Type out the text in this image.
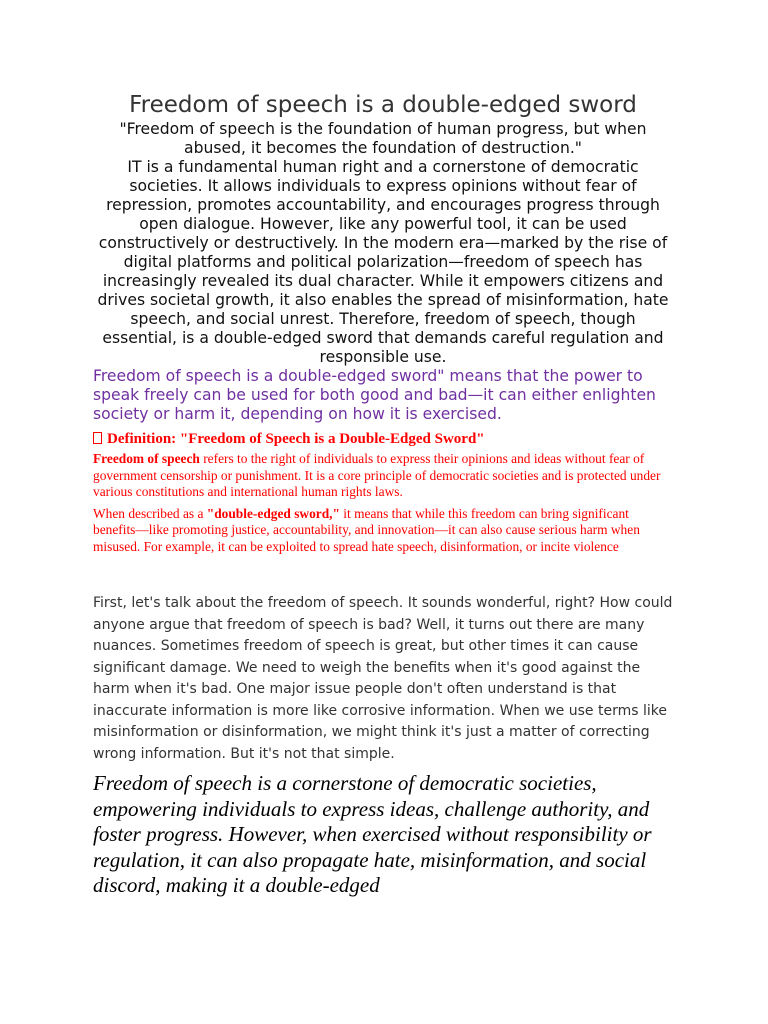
Freedom of speech is a double-edged sword

"Freedom of speech is the foundation of human progress, but when abused, it becomes the foundation of destruction."
IT is a fundamental human right and a cornerstone of democratic societies. It allows individuals to express opinions without fear of repression, promotes accountability, and encourages progress through open dialogue. However, like any powerful tool, it can be used constructively or destructively. In the modern era—marked by the rise of digital platforms and political polarization—freedom of speech has increasingly revealed its dual character. While it empowers citizens and drives societal growth, it also enables the spread of misinformation, hate speech, and social unrest. Therefore, freedom of speech, though essential, is a double-edged sword that demands careful regulation and responsible use.

Freedom of speech is a double-edged sword" means that the power to speak freely can be used for both good and bad—it can either enlighten society or harm it, depending on how it is exercised.

Definition: "Freedom of Speech is a Double-Edged Sword"

Freedom of speech refers to the right of individuals to express their opinions and ideas without fear of government censorship or punishment. It is a core principle of democratic societies and is protected under various constitutions and international human rights laws.

When described as a "double-edged sword," it means that while this freedom can bring significant benefits—like promoting justice, accountability, and innovation—it can also cause serious harm when misused. For example, it can be exploited to spread hate speech, disinformation, or incite violence

First, let's talk about the freedom of speech. It sounds wonderful, right? How could anyone argue that freedom of speech is bad? Well, it turns out there are many nuances. Sometimes freedom of speech is great, but other times it can cause significant damage. We need to weigh the benefits when it's good against the harm when it's bad. One major issue people don't often understand is that inaccurate information is more like corrosive information. When we use terms like misinformation or disinformation, we might think it's just a matter of correcting wrong information. But it's not that simple.

Freedom of speech is a cornerstone of democratic societies, empowering individuals to express ideas, challenge authority, and foster progress. However, when exercised without responsibility or regulation, it can also propagate hate, misinformation, and social discord, making it a double-edged
